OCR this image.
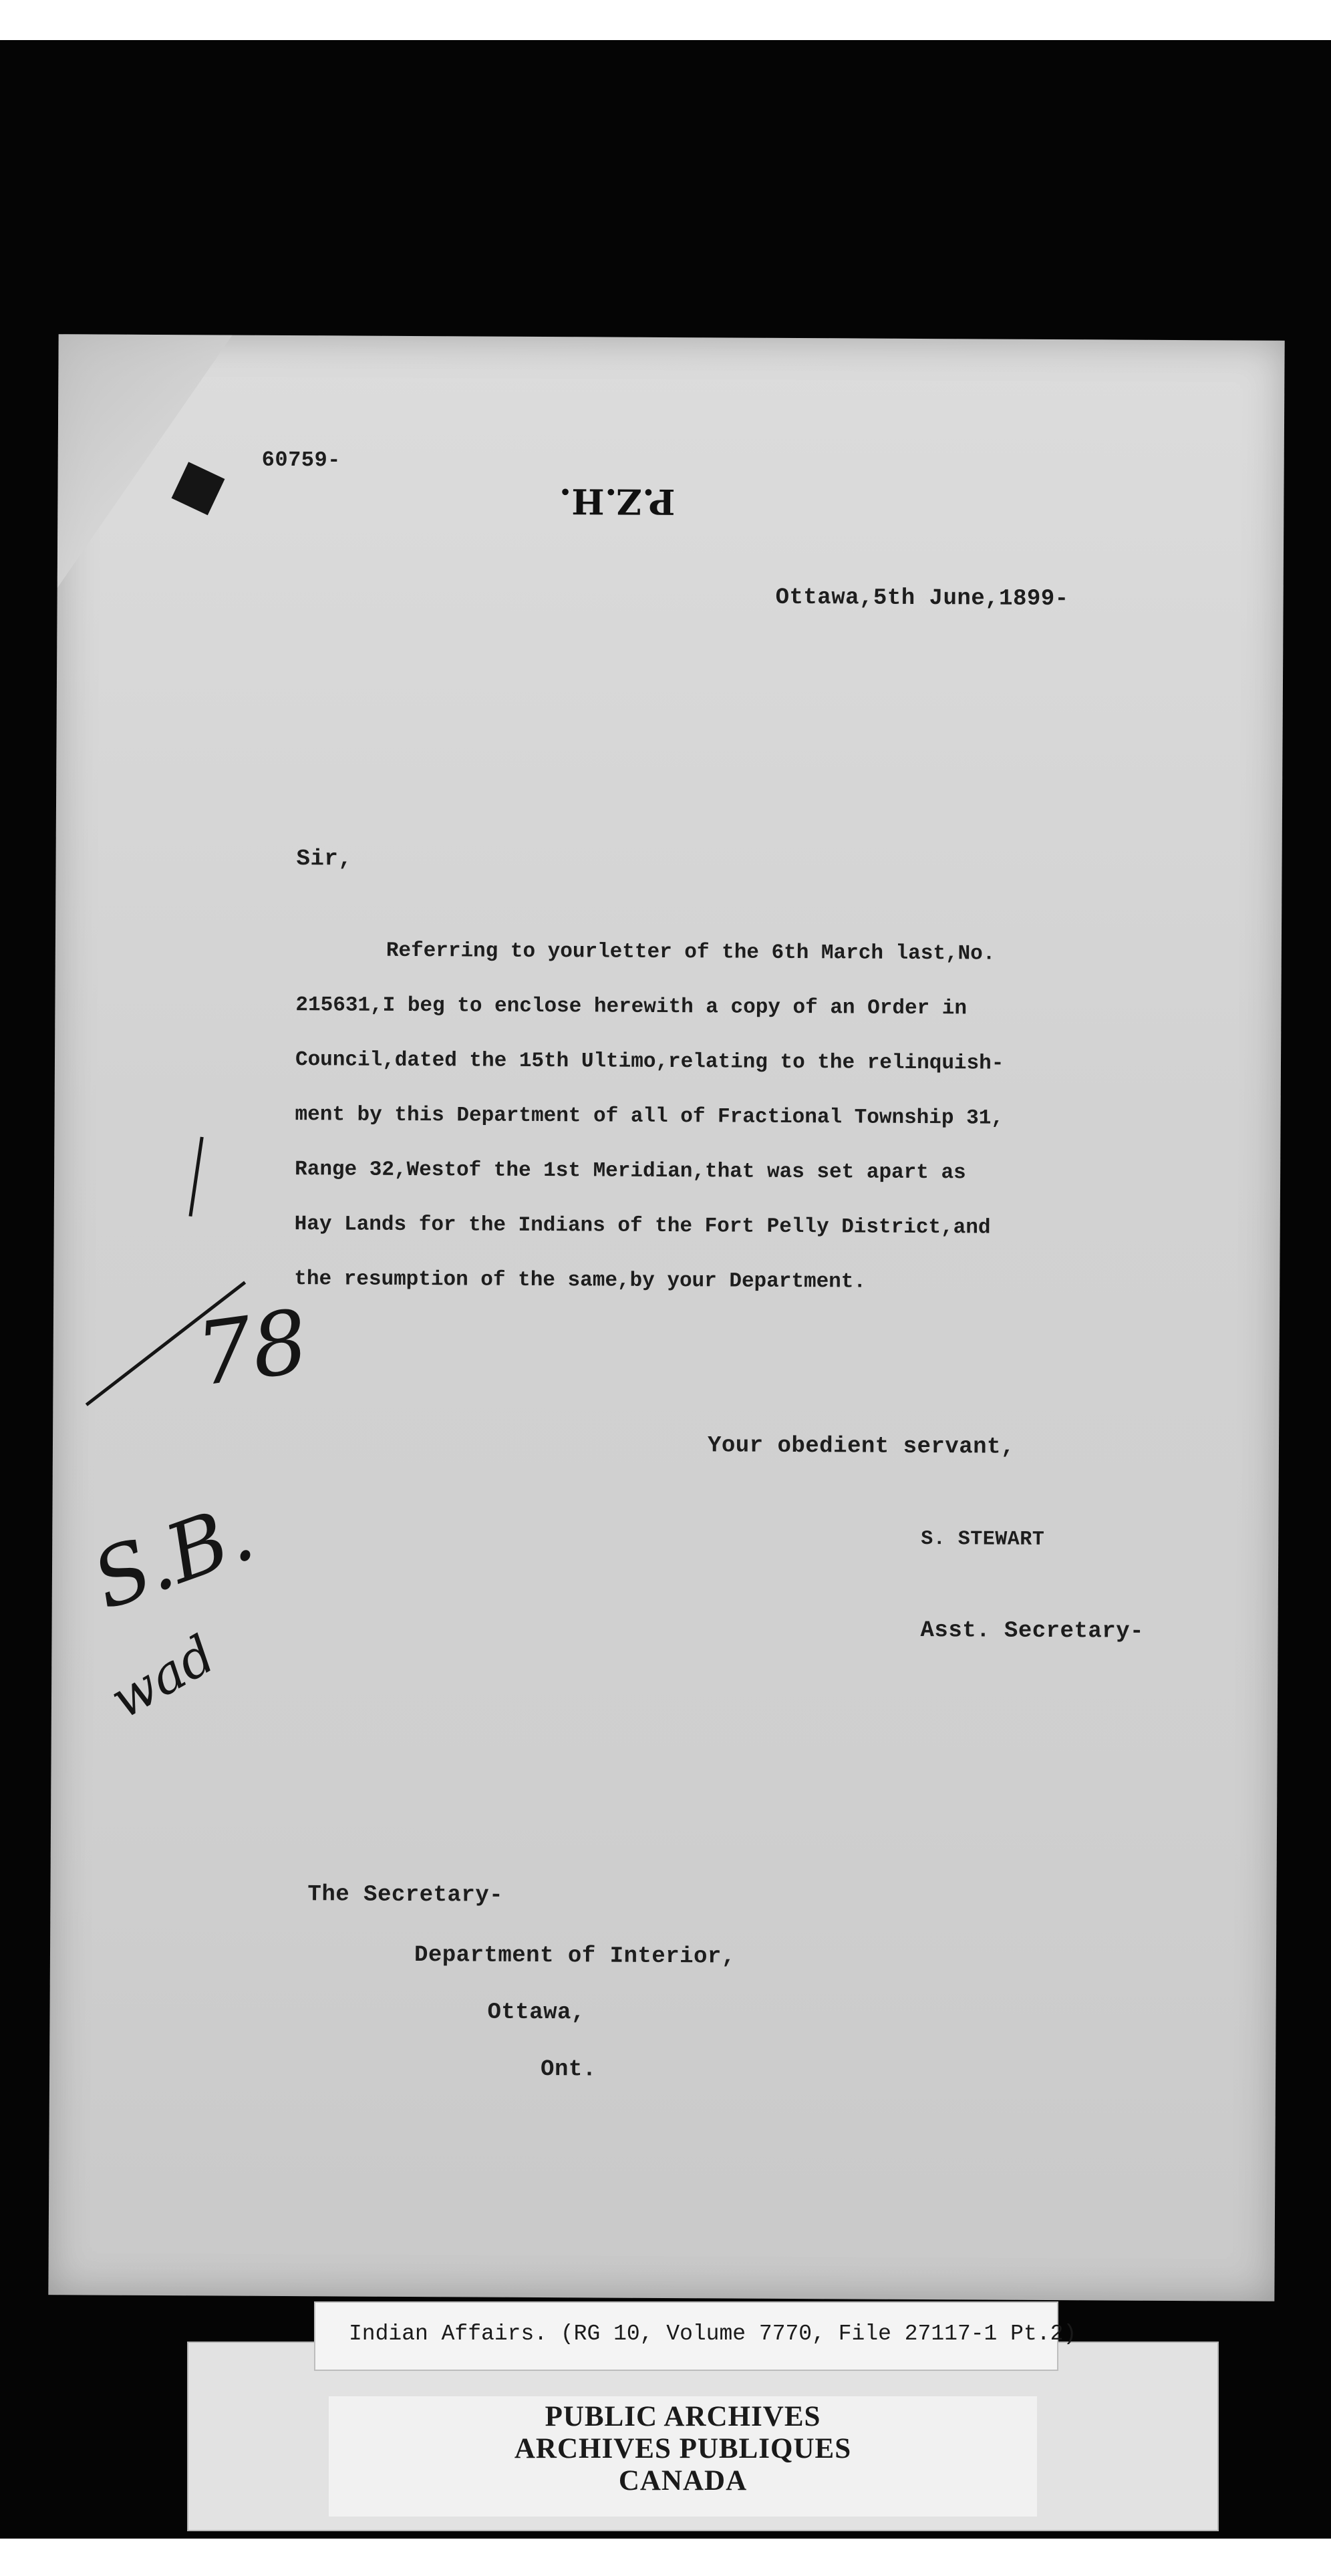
60759-
P.Z.H.
Ottawa,5th June,1899-
Sir,
Referring to yourletter of the 6th March last,No.
215631,I beg to enclose herewith a copy of an Order in
Council,dated the 15th Ultimo,relating to the relinquish-
ment by this Department of all of Fractional Township 31,
Range 32,Westof the 1st Meridian,that was set apart as
Hay Lands for the Indians of the Fort Pelly District,and
the resumption of the same,by your Department.
Your obedient servant,
S. STEWART
Asst. Secretary-
The Secretary-
Department of Interior,
Ottawa,
Ont.
78
S.B.
wad
PUBLIC ARCHIVES
ARCHIVES PUBLIQUES
CANADA
Indian Affairs. (RG 10, Volume 7770, File 27117-1 Pt.2)
